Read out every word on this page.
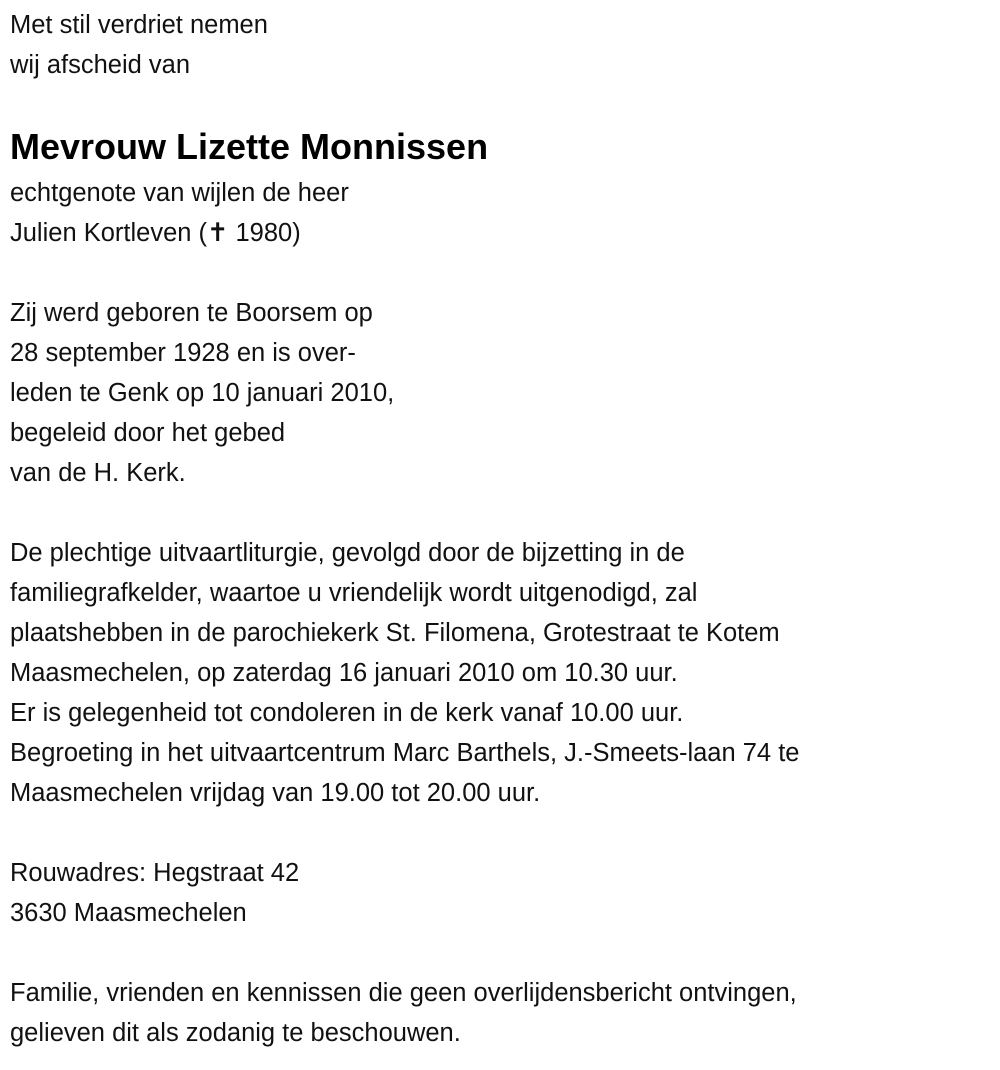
Met stil verdriet nemen

wij afscheid van

Mevrouw Lizette Monnissen

echtgenote van wijlen de heer

Julien Kortleven (✝ 1980)

Zij werd geboren te Boorsem op

28 september 1928 en is over-

leden te Genk op 10 januari 2010,

begeleid door het gebed

van de H. Kerk.

De plechtige uitvaartliturgie, gevolgd door de bijzetting in de

familiegrafkelder, waartoe u vriendelijk wordt uitgenodigd, zal

plaatshebben in de parochiekerk St. Filomena, Grotestraat te Kotem

Maasmechelen, op zaterdag 16 januari 2010 om 10.30 uur.

Er is gelegenheid tot condoleren in de kerk vanaf 10.00 uur.

Begroeting in het uitvaartcentrum Marc Barthels, J.-Smeets-laan 74 te

Maasmechelen vrijdag van 19.00 tot 20.00 uur.

Rouwadres: Hegstraat 42

3630 Maasmechelen

Familie, vrienden en kennissen die geen overlijdensbericht ontvingen,

gelieven dit als zodanig te beschouwen.
